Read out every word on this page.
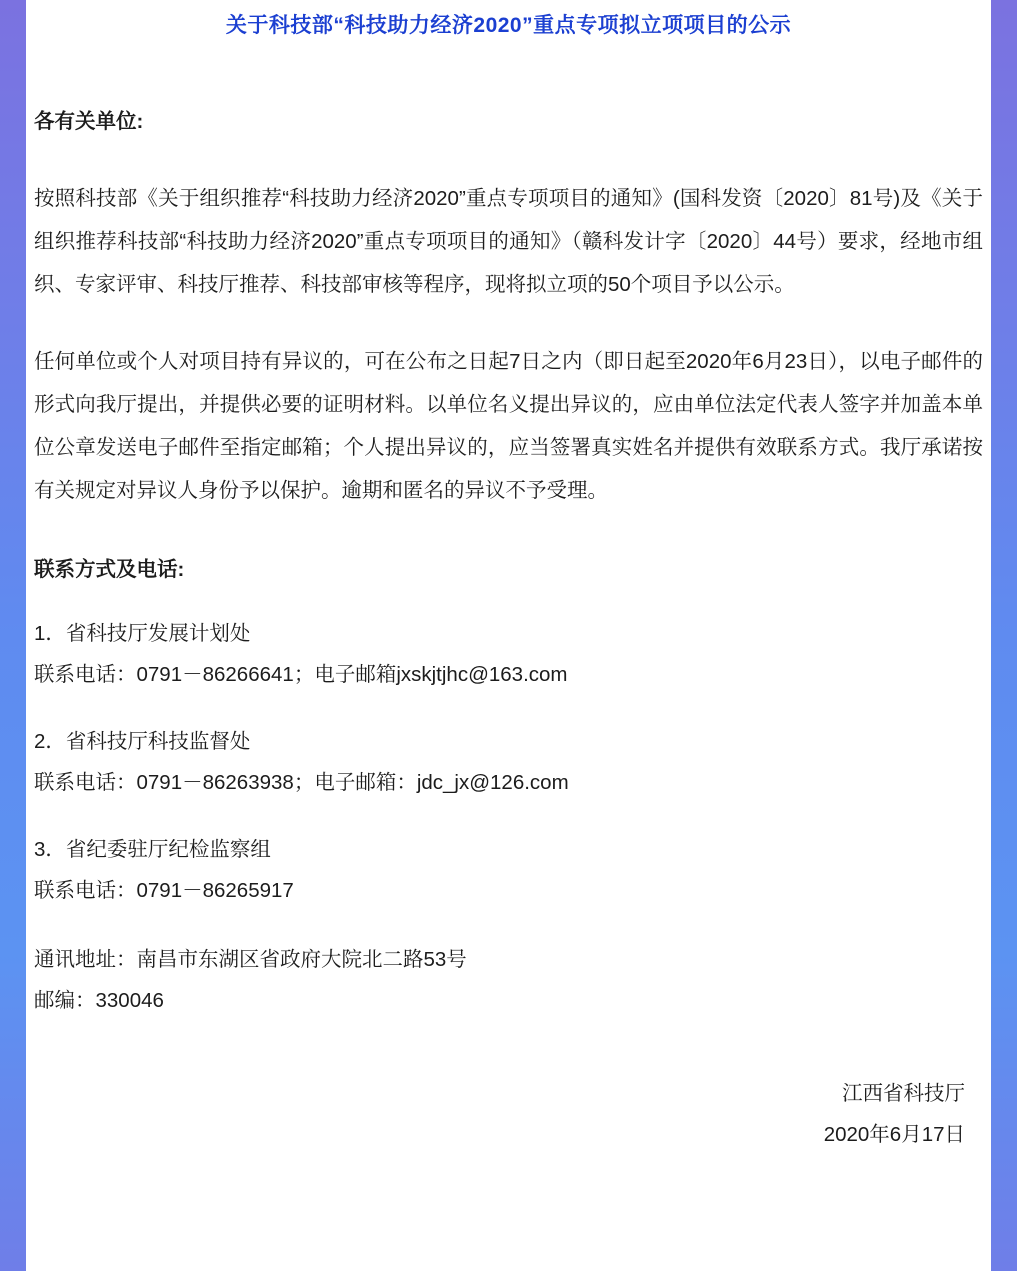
关于科技部“科技助力经济2020”重点专项拟立项项目的公示
各有关单位:

按照科技部《关于组织推荐“科技助力经济2020”重点专项项目的通知》(国科发资〔2020〕81号)及《关于组织推荐科技部“科技助力经济2020”重点专项项目的通知》（赣科发计字〔2020〕44号）要求，经地市组织、专家评审、科技厅推荐、科技部审核等程序，现将拟立项的50个项目予以公示。

任何单位或个人对项目持有异议的，可在公布之日起7日之内（即日起至2020年6月23日），以电子邮件的形式向我厅提出，并提供必要的证明材料。以单位名义提出异议的，应由单位法定代表人签字并加盖本单位公章发送电子邮件至指定邮箱；个人提出异议的，应当签署真实姓名并提供有效联系方式。我厅承诺按有关规定对异议人身份予以保护。逾期和匿名的异议不予受理。

联系方式及电话:

1．省科技厅发展计划处

联系电话：0791－86266641；电子邮箱jxskjtjhc@163.com

2．省科技厅科技监督处

联系电话：0791－86263938；电子邮箱：jdc_jx@126.com

3．省纪委驻厅纪检监察组

联系电话：0791－86265917

通讯地址：南昌市东湖区省政府大院北二路53号

邮编：330046

江西省科技厅
2020年6月17日
